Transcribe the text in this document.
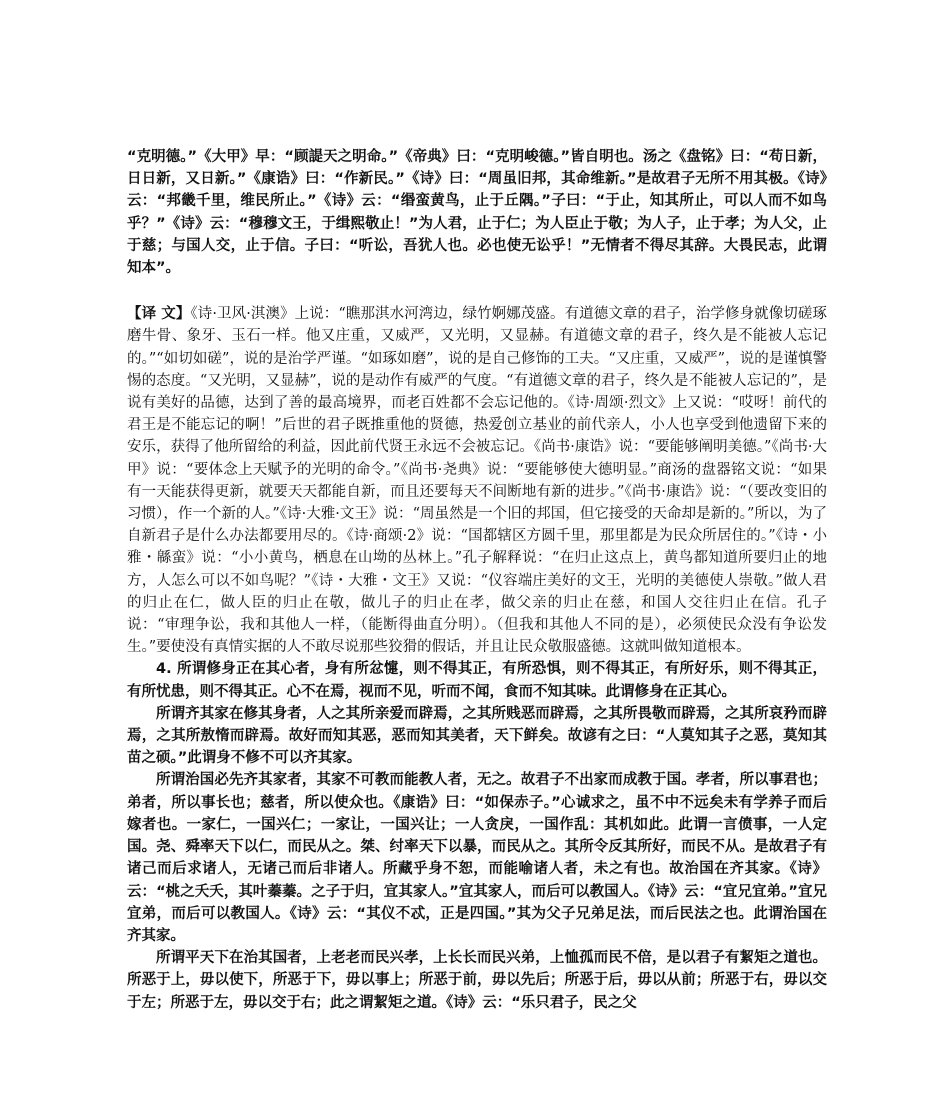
“克明德。”《大甲》早：“顾諟天之明命。”《帝典》曰：“克明峻德。”皆自明也。汤之《盘铭》曰：“苟日新，日日新，又日新。”《康诰》曰：“作新民。”《诗》曰：“周虽旧邦，其命维新。”是故君子无所不用其极。《诗》云：“邦畿千里，维民所止。”《诗》云：“缗蛮黄鸟，止于丘隅。”子曰：“于止，知其所止，可以人而不如鸟乎？”《诗》云：“穆穆文王，于缉熙敬止！”为人君，止于仁；为人臣止于敬；为人子，止于孝；为人父，止于慈；与国人交，止于信。子曰：“听讼，吾犹人也。必也使无讼乎！”无情者不得尽其辞。大畏民志，此谓知本”。

【译 文】《诗·卫风·淇澳》上说：“瞧那淇水河湾边，绿竹婀娜茂盛。有道德文章的君子，治学修身就像切磋琢磨牛骨、象牙、玉石一样。他又庄重，又威严，又光明，又显赫。有道德文章的君子，终久是不能被人忘记的。”“如切如磋”，说的是治学严谨。“如琢如磨”，说的是自己修饰的工夫。“又庄重，又威严”，说的是谨慎警惕的态度。“又光明，又显赫”，说的是动作有威严的气度。“有道德文章的君子，终久是不能被人忘记的”，是说有美好的品德，达到了善的最高境界，而老百姓都不会忘记他的。《诗·周颂·烈文》上又说：“哎呀！前代的君王是不能忘记的啊！”后世的君子既推重他的贤德，热爱创立基业的前代亲人，小人也享受到他遗留下来的安乐，获得了他所留给的利益，因此前代贤王永远不会被忘记。《尚书·康诰》说：“要能够阐明美德。”《尚书·大甲》说：“要体念上天赋予的光明的命令。”《尚书·尧典》说：“要能够使大德明显。”商汤的盘器铭文说：“如果有一天能获得更新，就要天天都能自新，而且还要每天不间断地有新的进步。”《尚书·康诰》说：“（要改变旧的习惯），作一个新的人。”《诗·大雅·文王》说：“周虽然是一个旧的邦国，但它接受的天命却是新的。”所以，为了自新君子是什么办法都要用尽的。《诗·商颂·2》说：“国都辖区方圆千里，那里都是为民众所居住的。”《诗・小雅・緜蛮》说：“小小黄鸟，栖息在山坳的丛林上。”孔子解释说：“在归止这点上，黄鸟都知道所要归止的地方，人怎么可以不如鸟呢？”《诗・大雅・文王》又说：“仪容端庄美好的文王，光明的美德使人崇敬。”做人君的归止在仁，做人臣的归止在敬，做儿子的归止在孝，做父亲的归止在慈，和国人交往归止在信。孔子说：“审理争讼，我和其他人一样，（能断得曲直分明）。（但我和其他人不同的是），必须使民众没有争讼发生。”要使没有真情实据的人不敢尽说那些狡猾的假话，并且让民众敬服盛德。这就叫做知道根本。

4. 所谓修身正在其心者，身有所忿懥，则不得其正，有所恐惧，则不得其正，有所好乐，则不得其正，有所忧患，则不得其正。心不在焉，视而不见，听而不闻，食而不知其味。此谓修身在正其心。

所谓齐其家在修其身者，人之其所亲爱而辟焉，之其所贱恶而辟焉，之其所畏敬而辟焉，之其所哀矜而辟焉，之其所敖惰而辟焉。故好而知其恶，恶而知其美者，天下鲜矣。故谚有之曰：“人莫知其子之恶，莫知其苗之硕。”此谓身不修不可以齐其家。

所谓治国必先齐其家者，其家不可教而能教人者，无之。故君子不出家而成教于国。孝者，所以事君也；弟者，所以事长也；慈者，所以使众也。《康诰》曰：“如保赤子。”心诚求之，虽不中不远矣未有学养子而后嫁者也。一家仁，一国兴仁；一家让，一国兴让；一人贪戾，一国作乱：其机如此。此谓一言偾事，一人定国。尧、舜率天下以仁，而民从之。桀、纣率天下以暴，而民从之。其所令反其所好，而民不从。是故君子有诸己而后求诸人，无诸己而后非诸人。所藏乎身不恕，而能喻诸人者，未之有也。故治国在齐其家。《诗》云：“桃之夭夭，其叶蓁蓁。之子于归，宜其家人。”宜其家人，而后可以教国人。《诗》云：“宜兄宜弟。”宜兄宜弟，而后可以教国人。《诗》云：“其仪不忒，正是四国。”其为父子兄弟足法，而后民法之也。此谓治国在齐其家。

所谓平天下在治其国者，上老老而民兴孝，上长长而民兴弟，上恤孤而民不倍，是以君子有絜矩之道也。所恶于上，毋以使下，所恶于下，毋以事上；所恶于前，毋以先后；所恶于后，毋以从前；所恶于右，毋以交于左；所恶于左，毋以交于右；此之谓絜矩之道。《诗》云：“乐只君子，民之父
